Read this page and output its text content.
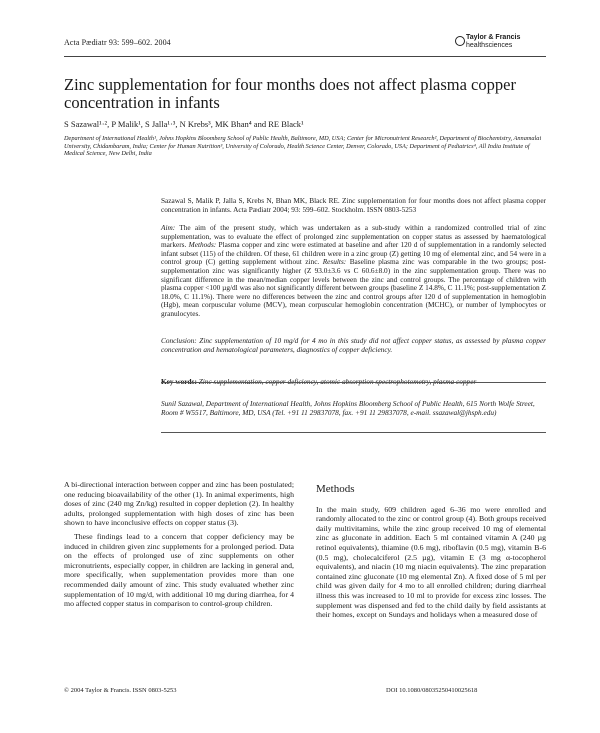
Acta Pædiatr 93: 599–602. 2004
Taylor & Francis
healthsciences
Zinc supplementation for four months does not affect plasma copper concentration in infants
S Sazawal¹·², P Malik¹, S Jalla¹·³, N Krebs³, MK Bhan⁴ and RE Black¹
Department of International Health¹, Johns Hopkins Bloomberg School of Public Health, Baltimore, MD, USA; Center for Micronutrient Research², Department of Biochemistry, Annamalai University, Chidambaram, India; Center for Human Nutrition³, University of Colorado, Health Science Center, Denver, Colorado, USA; Department of Pediatrics⁴, All India Institute of Medical Science, New Delhi, India
Sazawal S, Malik P, Jalla S, Krebs N, Bhan MK, Black RE. Zinc supplementation for four months does not affect plasma copper concentration in infants. Acta Pædiatr 2004; 93: 599–602. Stockholm. ISSN 0803-5253
Aim: The aim of the present study, which was undertaken as a sub-study within a randomized controlled trial of zinc supplementation, was to evaluate the effect of prolonged zinc supplementation on copper status as assessed by haematological markers. Methods: Plasma copper and zinc were estimated at baseline and after 120 d of supplementation in a randomly selected infant subset (115) of the children. Of these, 61 children were in a zinc group (Z) getting 10 mg of elemental zinc, and 54 were in a control group (C) getting supplement without zinc. Results: Baseline plasma zinc was comparable in the two groups; post-supplementation zinc was significantly higher (Z 93.0±3.6 vs C 60.6±8.0) in the zinc supplementation group. There was no significant difference in the mean/median copper levels between the zinc and control groups. The percentage of children with plasma copper <100 µg/dl was also not significantly different between groups (baseline Z 14.8%, C 11.1%; post-supplementation Z 18.0%, C 11.1%). There were no differences between the zinc and control groups after 120 d of supplementation in hemoglobin (Hgb), mean corpuscular volume (MCV), mean corpuscular hemoglobin concentration (MCHC), or number of lymphocytes or granulocytes.
Conclusion: Zinc supplementation of 10 mg/d for 4 mo in this study did not affect copper status, as assessed by plasma copper concentration and hematological parameters, diagnostics of copper deficiency.
Key words: Zinc supplementation, copper deficiency, atomic absorption spectrophotometry, plasma copper
Sunil Sazawal, Department of International Health, Johns Hopkins Bloomberg School of Public Health, 615 North Wolfe Street, Room # W5517, Baltimore, MD, USA (Tel. +91 11 29837078, fax. +91 11 29837078, e-mail. ssazawal@jhsph.edu)

A bi-directional interaction between copper and zinc has been postulated; one reducing bioavailability of the other (1). In animal experiments, high doses of zinc (240 mg Zn/kg) resulted in copper depletion (2). In healthy adults, prolonged supplementation with high doses of zinc has been shown to have inconclusive effects on copper status (3).

These findings lead to a concern that copper deficiency may be induced in children given zinc supplements for a prolonged period. Data on the effects of prolonged use of zinc supplements on other micronutrients, especially copper, in children are lacking in general and, more specifically, when supplementation provides more than one recommended daily amount of zinc. This study evaluated whether zinc supplementation of 10 mg/d, with additional 10 mg during diarrhea, for 4 mo affected copper status in comparison to control-group children.

Methods

In the main study, 609 children aged 6–36 mo were enrolled and randomly allocated to the zinc or control group (4). Both groups received daily multivitamins, while the zinc group received 10 mg of elemental zinc as gluconate in addition. Each 5 ml contained vitamin A (240 µg retinol equivalents), thiamine (0.6 mg), riboflavin (0.5 mg), vitamin B-6 (0.5 mg), cholecalciferol (2.5 µg), vitamin E (3 mg α-tocopherol equivalents), and niacin (10 mg niacin equivalents). The zinc preparation contained zinc gluconate (10 mg elemental Zn). A fixed dose of 5 ml per child was given daily for 4 mo to all enrolled children; during diarrheal illness this was increased to 10 ml to provide for excess zinc losses. The supplement was dispensed and fed to the child daily by field assistants at their homes, except on Sundays and holidays when a measured dose of

© 2004 Taylor & Francis. ISSN 0803-5253	DOI 10.1080/08035250410025618
